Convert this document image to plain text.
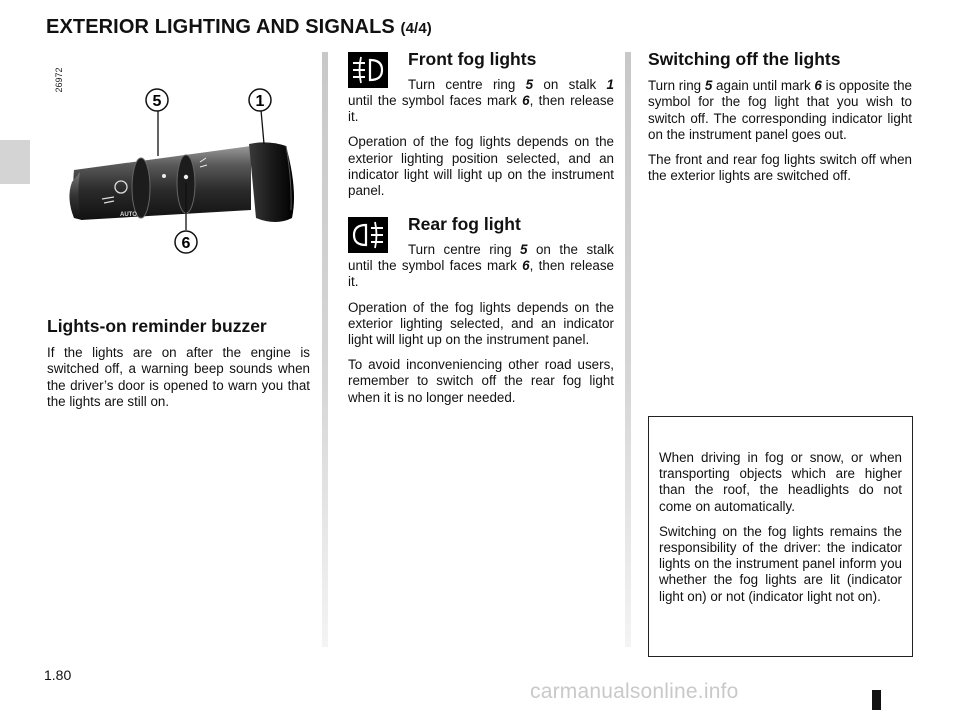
EXTERIOR LIGHTING AND SIGNALS (4/4)
26972
AUTO
5	1
6
Lights-on reminder buzzer

If the lights are on after the engine is switched off, a warning beep sounds when the driver’s door is opened to warn you that the lights are still on.

Front fog lights
Turn centre ring 5 on stalk 1

until the symbol faces mark 6, then release it.

Operation of the fog lights depends on the exterior lighting position selected, and an indicator light will light up on the instrument panel.

Rear fog light
Turn centre ring 5 on the stalk

until the symbol faces mark 6, then release it.

Operation of the fog lights depends on the exterior lighting selected, and an indicator light will light up on the instrument panel.

To avoid inconveniencing other road users, remember to switch off the rear fog light when it is no longer needed.

Switching off the lights

Turn ring 5 again until mark 6 is opposite the symbol for the fog light that you wish to switch off. The corresponding indicator light on the instrument panel goes out.

The front and rear fog lights switch off when the exterior lights are switched off.

When driving in fog or snow, or when transporting objects which are higher than the roof, the headlights do not come on automatically.

Switching on the fog lights remains the responsibility of the driver: the indicator lights on the instrument panel inform you whether the fog lights are lit (indicator light on) or not (indicator light not on).

1.80
carmanualsonline.info
